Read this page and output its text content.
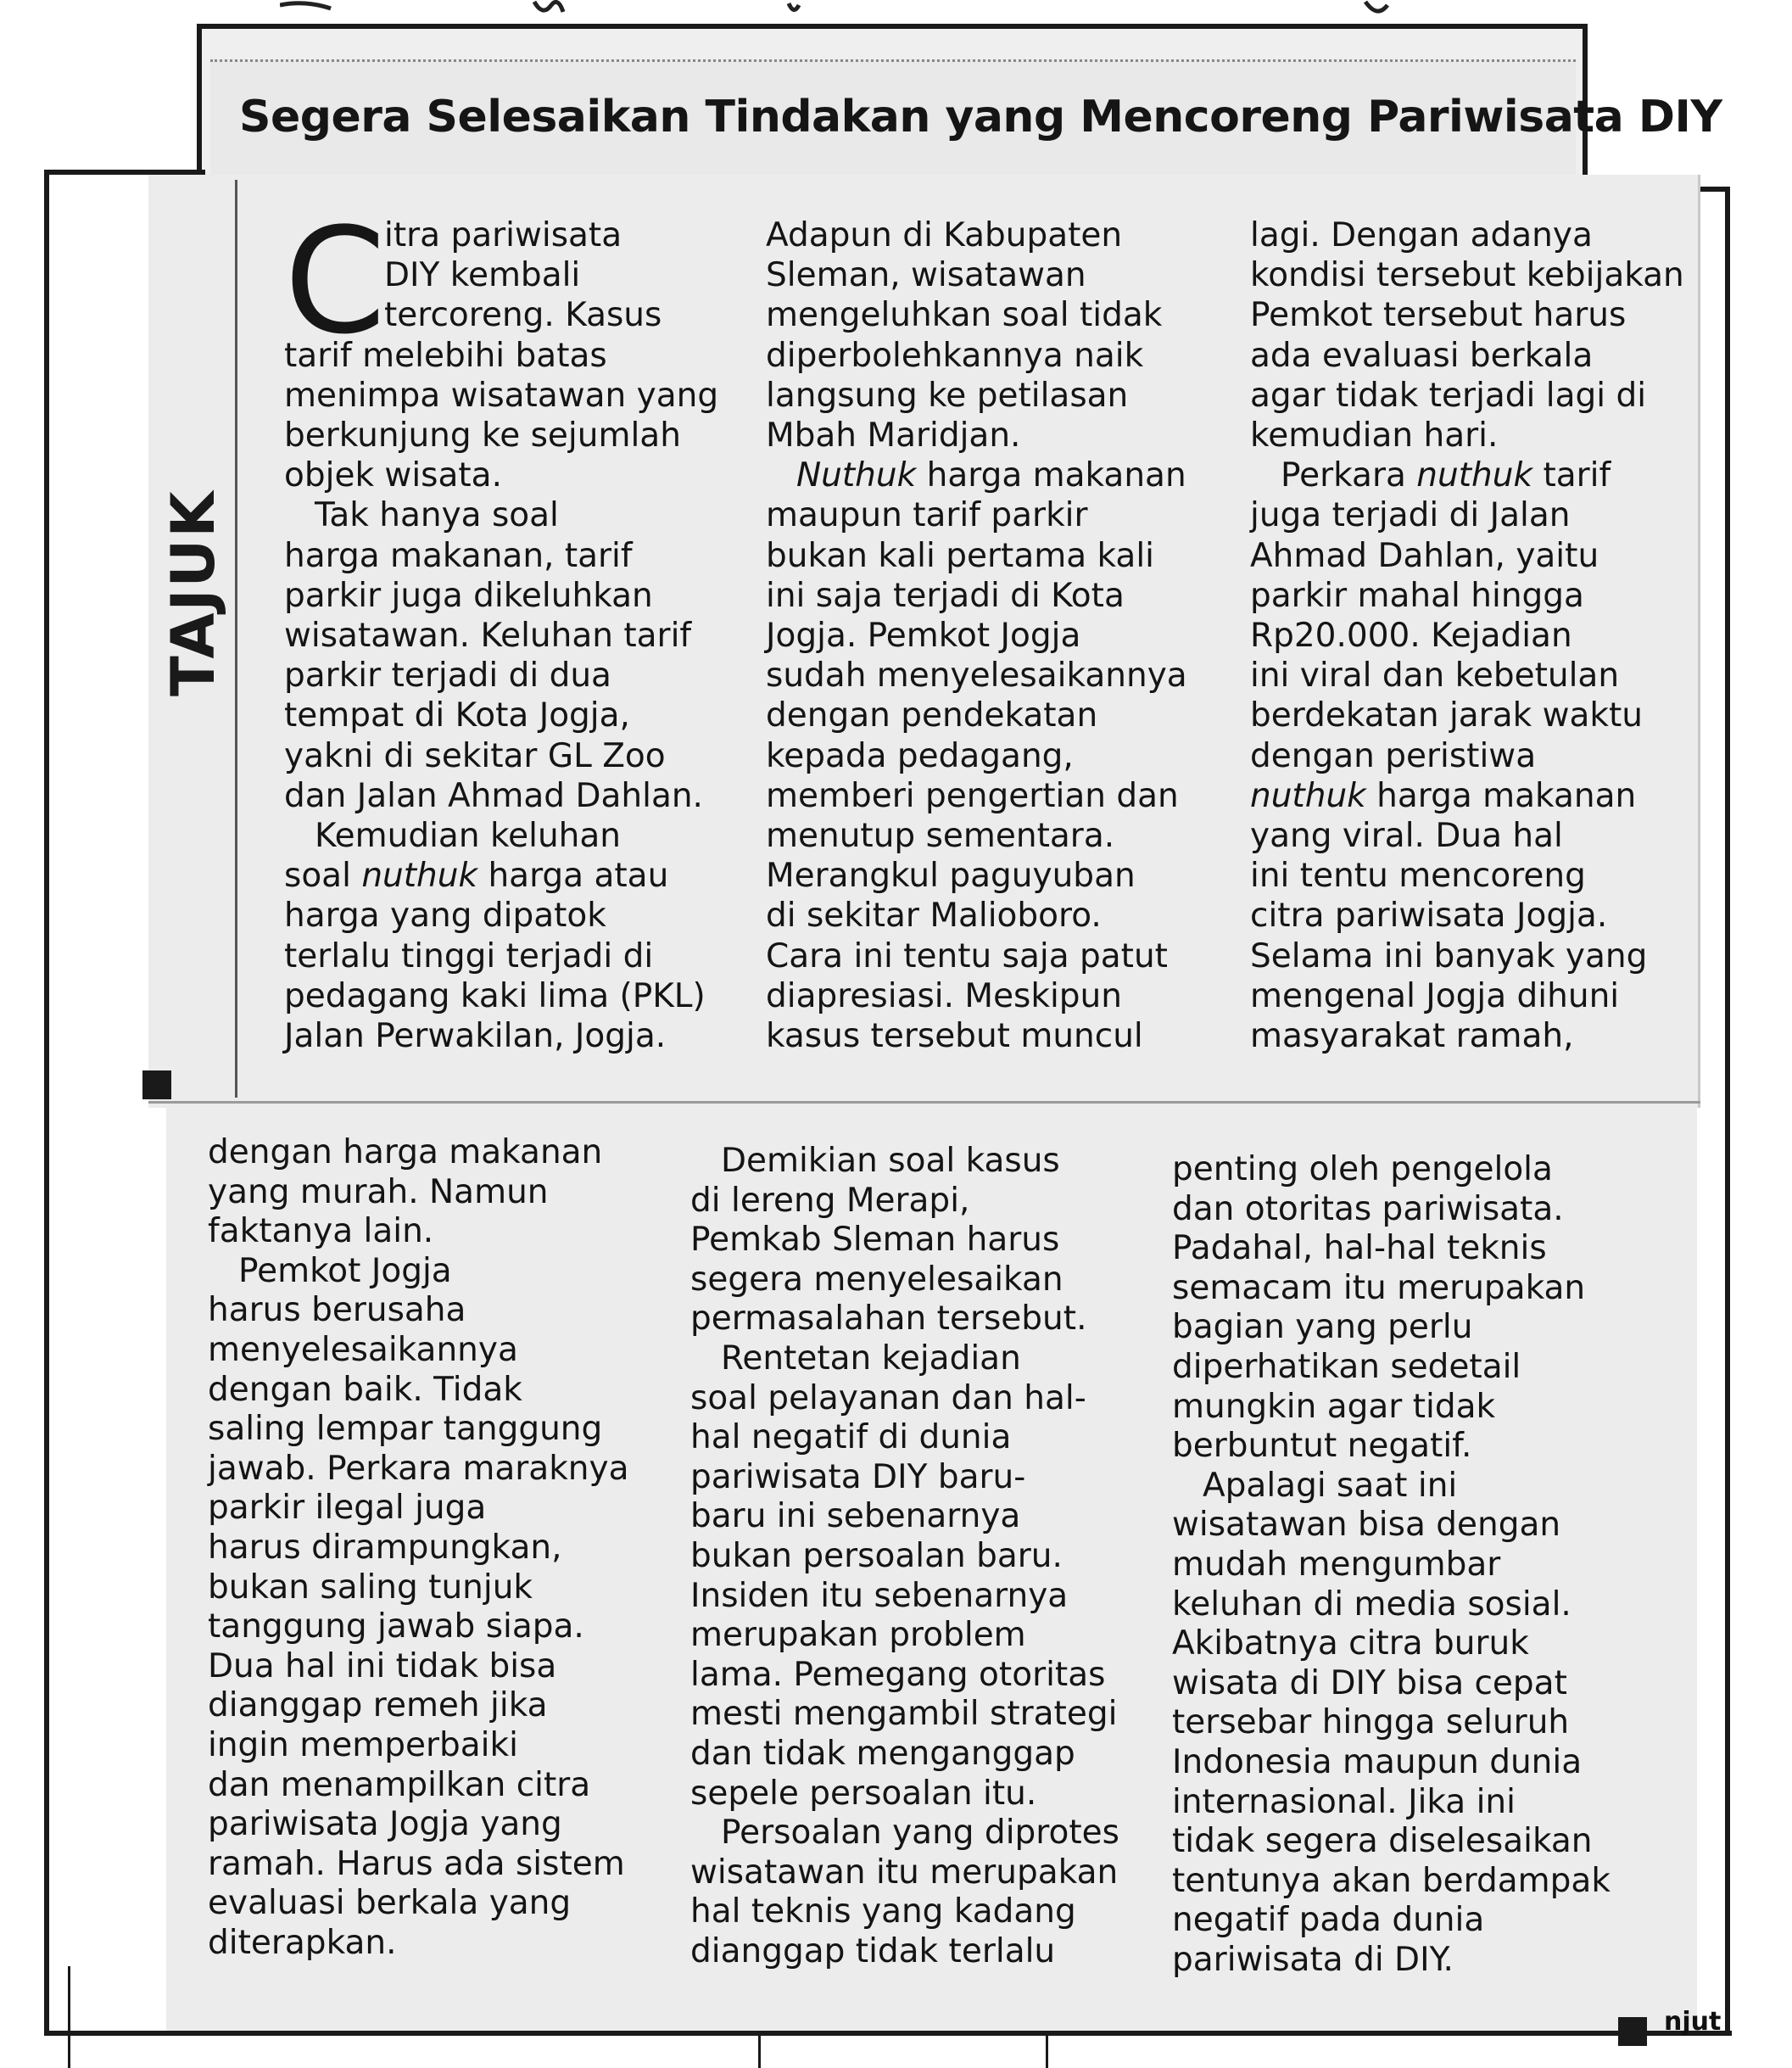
Segera Selesaikan Tindakan yang Mencoreng Pariwisata DIY
TAJUK
C
itra pariwisata
DIY kembali
tercoreng. Kasus
tarif melebihi batas
menimpa wisatawan yang
berkunjung ke sejumlah
objek wisata.
Tak hanya soal
harga makanan, tarif
parkir juga dikeluhkan
wisatawan. Keluhan tarif
parkir terjadi di dua
tempat di Kota Jogja,
yakni di sekitar GL Zoo
dan Jalan Ahmad Dahlan.
Kemudian keluhan
soal nuthuk harga atau
harga yang dipatok
terlalu tinggi terjadi di
pedagang kaki lima (PKL)
Jalan Perwakilan, Jogja.
Adapun di Kabupaten
Sleman, wisatawan
mengeluhkan soal tidak
diperbolehkannya naik
langsung ke petilasan
Mbah Maridjan.
Nuthuk harga makanan
maupun tarif parkir
bukan kali pertama kali
ini saja terjadi di Kota
Jogja. Pemkot Jogja
sudah menyelesaikannya
dengan pendekatan
kepada pedagang,
memberi pengertian dan
menutup sementara.
Merangkul paguyuban
di sekitar Malioboro.
Cara ini tentu saja patut
diapresiasi. Meskipun
kasus tersebut muncul
lagi. Dengan adanya
kondisi tersebut kebijakan
Pemkot tersebut harus
ada evaluasi berkala
agar tidak terjadi lagi di
kemudian hari.
Perkara nuthuk tarif
juga terjadi di Jalan
Ahmad Dahlan, yaitu
parkir mahal hingga
Rp20.000. Kejadian
ini viral dan kebetulan
berdekatan jarak waktu
dengan peristiwa
nuthuk harga makanan
yang viral. Dua hal
ini tentu mencoreng
citra pariwisata Jogja.
Selama ini banyak yang
mengenal Jogja dihuni
masyarakat ramah,
dengan harga makanan
yang murah. Namun
faktanya lain.
Pemkot Jogja
harus berusaha
menyelesaikannya
dengan baik. Tidak
saling lempar tanggung
jawab. Perkara maraknya
parkir ilegal juga
harus dirampungkan,
bukan saling tunjuk
tanggung jawab siapa.
Dua hal ini tidak bisa
dianggap remeh jika
ingin memperbaiki
dan menampilkan citra
pariwisata Jogja yang
ramah. Harus ada sistem
evaluasi berkala yang
diterapkan.
Demikian soal kasus
di lereng Merapi,
Pemkab Sleman harus
segera menyelesaikan
permasalahan tersebut.
Rentetan kejadian
soal pelayanan dan hal-
hal negatif di dunia
pariwisata DIY baru-
baru ini sebenarnya
bukan persoalan baru.
Insiden itu sebenarnya
merupakan problem
lama. Pemegang otoritas
mesti mengambil strategi
dan tidak menganggap
sepele persoalan itu.
Persoalan yang diprotes
wisatawan itu merupakan
hal teknis yang kadang
dianggap tidak terlalu
penting oleh pengelola
dan otoritas pariwisata.
Padahal, hal-hal teknis
semacam itu merupakan
bagian yang perlu
diperhatikan sedetail
mungkin agar tidak
berbuntut negatif.
Apalagi saat ini
wisatawan bisa dengan
mudah mengumbar
keluhan di media sosial.
Akibatnya citra buruk
wisata di DIY bisa cepat
tersebar hingga seluruh
Indonesia maupun dunia
internasional. Jika ini
tidak segera diselesaikan
tentunya akan berdampak
negatif pada dunia
pariwisata di DIY.
njut
